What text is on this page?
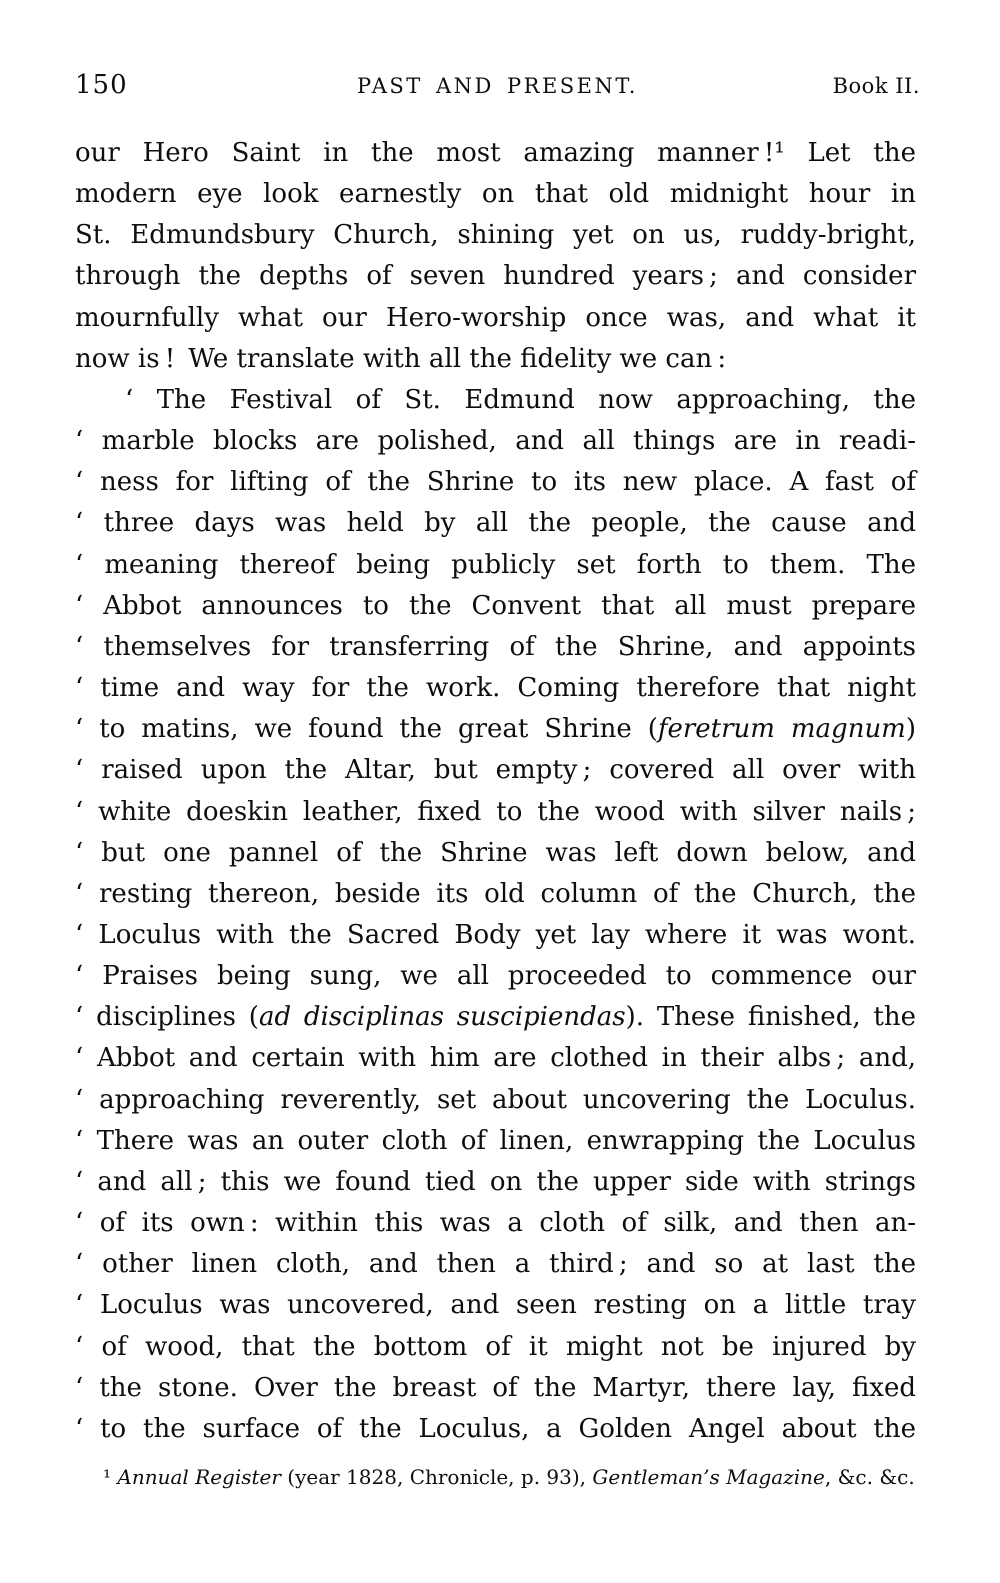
150	PAST AND PRESENT.	Book II.
our Hero Saint in the most amazing manner !¹ Let the
modern eye look earnestly on that old midnight hour in
St. Edmundsbury Church, shining yet on us, ruddy-bright,
through the depths of seven hundred years ; and consider
mournfully what our Hero-worship once was, and what it
now is ! We translate with all the fidelity we can :
‘ The Festival of St. Edmund now approaching, the
‘ marble blocks are polished, and all things are in readi-
‘ ness for lifting of the Shrine to its new place. A fast of
‘ three days was held by all the people, the cause and
‘ meaning thereof being publicly set forth to them. The
‘ Abbot announces to the Convent that all must prepare
‘ themselves for transferring of the Shrine, and appoints
‘ time and way for the work. Coming therefore that night
‘ to matins, we found the great Shrine (feretrum magnum)
‘ raised upon the Altar, but empty ; covered all over with
‘ white doeskin leather, fixed to the wood with silver nails ;
‘ but one pannel of the Shrine was left down below, and
‘ resting thereon, beside its old column of the Church, the
‘ Loculus with the Sacred Body yet lay where it was wont.
‘ Praises being sung, we all proceeded to commence our
‘ disciplines (ad disciplinas suscipiendas). These finished, the
‘ Abbot and certain with him are clothed in their albs ; and,
‘ approaching reverently, set about uncovering the Loculus.
‘ There was an outer cloth of linen, enwrapping the Loculus
‘ and all ; this we found tied on the upper side with strings
‘ of its own : within this was a cloth of silk, and then an-
‘ other linen cloth, and then a third ; and so at last the
‘ Loculus was uncovered, and seen resting on a little tray
‘ of wood, that the bottom of it might not be injured by
‘ the stone. Over the breast of the Martyr, there lay, fixed
‘ to the surface of the Loculus, a Golden Angel about the
¹ Annual Register (year 1828, Chronicle, p. 93), Gentleman’s Magazine, &c. &c.
